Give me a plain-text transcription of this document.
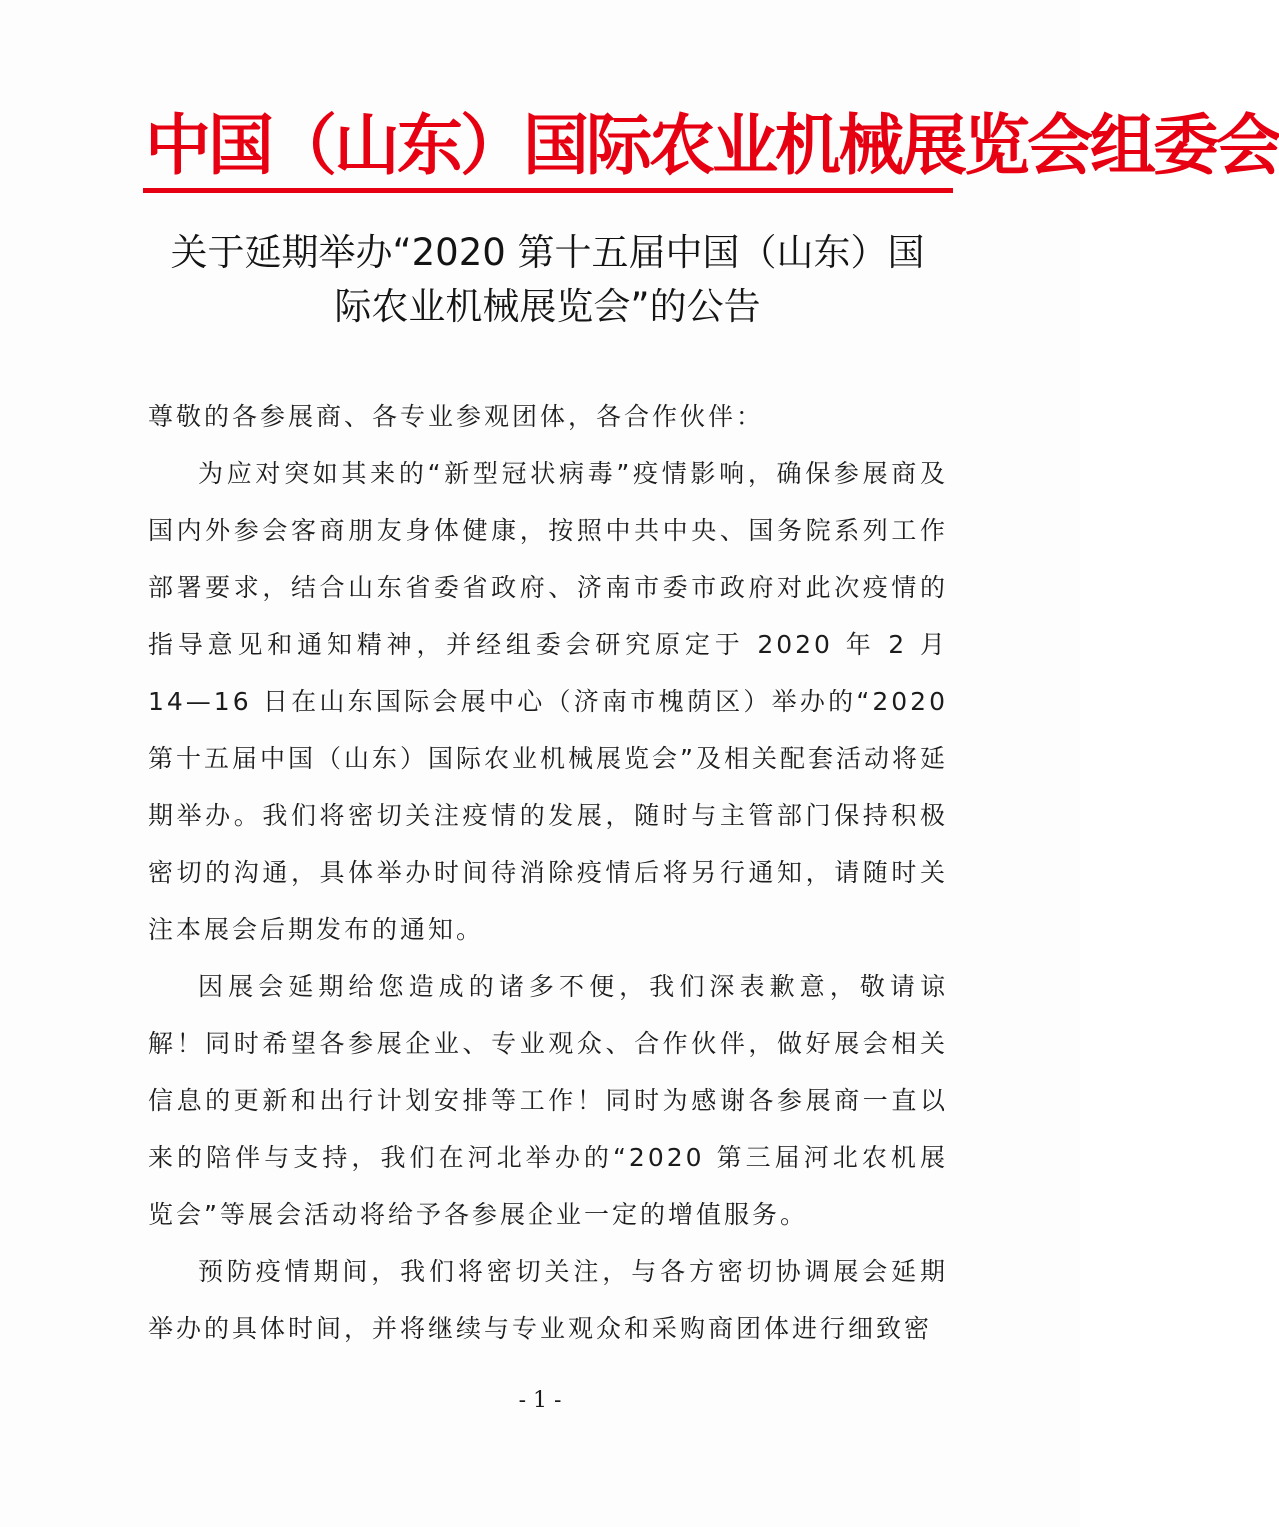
中国（山东）国际农业机械展览会组委会
关于延期举办“2020 第十五届中国（山东）国
际农业机械展览会”的公告

尊敬的各参展商、各专业参观团体，各合作伙伴：

为应对突如其来的“新型冠状病毒”疫情影响，确保参展商及国内外参会客商朋友身体健康，按照中共中央、国务院系列工作部署要求，结合山东省委省政府、济南市委市政府对此次疫情的指导意见和通知精神，并经组委会研究原定于 2020 年 2 月 14—16 日在山东国际会展中心（济南市槐荫区）举办的“2020 第十五届中国（山东）国际农业机械展览会”及相关配套活动将延期举办。我们将密切关注疫情的发展，随时与主管部门保持积极密切的沟通，具体举办时间待消除疫情后将另行通知，请随时关注本展会后期发布的通知。

因展会延期给您造成的诸多不便，我们深表歉意，敬请谅解！同时希望各参展企业、专业观众、合作伙伴，做好展会相关信息的更新和出行计划安排等工作！同时为感谢各参展商一直以来的陪伴与支持，我们在河北举办的“2020 第三届河北农机展览会”等展会活动将给予各参展企业一定的增值服务。

预防疫情期间，我们将密切关注，与各方密切协调展会延期举办的具体时间，并将继续与专业观众和采购商团体进行细致密

- 1 -
